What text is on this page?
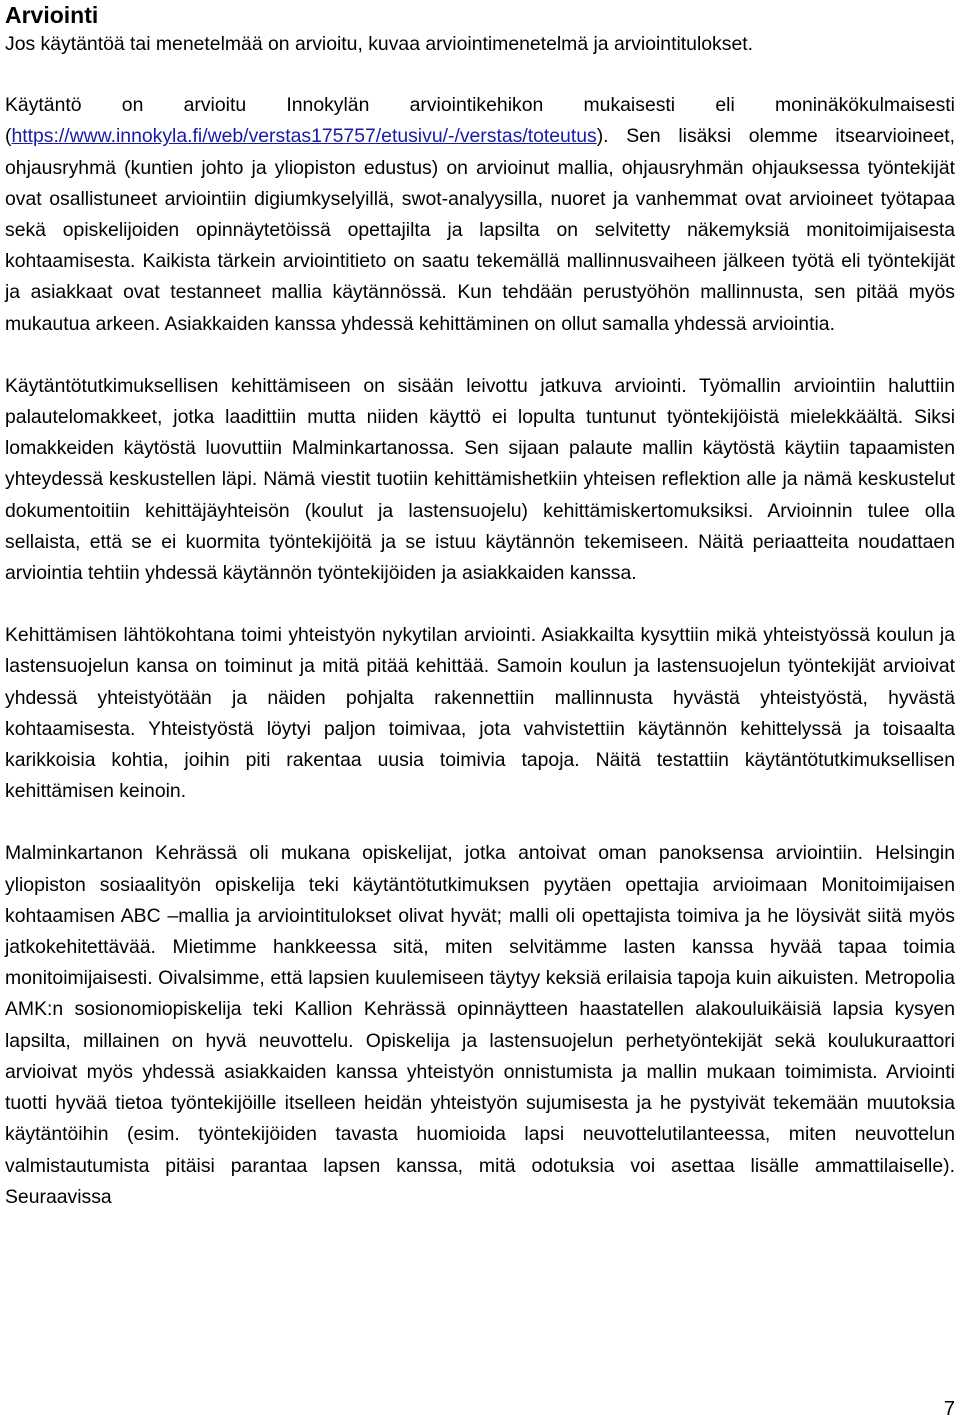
Arviointi

Jos käytäntöä tai menetelmää on arvioitu, kuvaa arviointimenetelmä ja arviointitulokset.

Käytäntö on arvioitu Innokylän arviointikehikon mukaisesti eli moninäkökulmaisesti (https://www.innokyla.fi/web/verstas175757/etusivu/-/verstas/toteutus). Sen lisäksi olemme itsearvioineet, ohjausryhmä (kuntien johto ja yliopiston edustus) on arvioinut mallia, ohjausryhmän ohjauksessa työntekijät ovat osallistuneet arviointiin digiumkyselyillä, swot-analyysilla, nuoret ja vanhemmat ovat arvioineet työtapaa sekä opiskelijoiden opinnäytetöissä opettajilta ja lapsilta on selvitetty näkemyksiä monitoimijaisesta kohtaamisesta. Kaikista tärkein arviointitieto on saatu tekemällä mallinnusvaiheen jälkeen työtä eli työntekijät ja asiakkaat ovat testanneet mallia käytännössä. Kun tehdään perustyöhön mallinnusta, sen pitää myös mukautua arkeen. Asiakkaiden kanssa yhdessä kehittäminen on ollut samalla yhdessä arviointia.

Käytäntötutkimuksellisen kehittämiseen on sisään leivottu jatkuva arviointi. Työmallin arviointiin haluttiin palautelomakkeet, jotka laadittiin mutta niiden käyttö ei lopulta tuntunut työntekijöistä mielekkäältä. Siksi lomakkeiden käytöstä luovuttiin Malminkartanossa. Sen sijaan palaute mallin käytöstä käytiin tapaamisten yhteydessä keskustellen läpi. Nämä viestit tuotiin kehittämishetkiin yhteisen reflektion alle ja nämä keskustelut dokumentoitiin kehittäjäyhteisön (koulut ja lastensuojelu) kehittämiskertomuksiksi. Arvioinnin tulee olla sellaista, että se ei kuormita työntekijöitä ja se istuu käytännön tekemiseen. Näitä periaatteita noudattaen arviointia tehtiin yhdessä käytännön työntekijöiden ja asiakkaiden kanssa.

Kehittämisen lähtökohtana toimi yhteistyön nykytilan arviointi. Asiakkailta kysyttiin mikä yhteistyössä koulun ja lastensuojelun kansa on toiminut ja mitä pitää kehittää. Samoin koulun ja lastensuojelun työntekijät arvioivat yhdessä yhteistyötään ja näiden pohjalta rakennettiin mallinnusta hyvästä yhteistyöstä, hyvästä kohtaamisesta. Yhteistyöstä löytyi paljon toimivaa, jota vahvistettiin käytännön kehittelyssä ja toisaalta karikkoisia kohtia, joihin piti rakentaa uusia toimivia tapoja. Näitä testattiin käytäntötutkimuksellisen kehittämisen keinoin.

Malminkartanon Kehrässä oli mukana opiskelijat, jotka antoivat oman panoksensa arviointiin. Helsingin yliopiston sosiaalityön opiskelija teki käytäntötutkimuksen pyytäen opettajia arvioimaan Monitoimijaisen kohtaamisen ABC –mallia ja arviointitulokset olivat hyvät; malli oli opettajista toimiva ja he löysivät siitä myös jatkokehitettävää. Mietimme hankkeessa sitä, miten selvitämme lasten kanssa hyvää tapaa toimia monitoimijaisesti. Oivalsimme, että lapsien kuulemiseen täytyy keksiä erilaisia tapoja kuin aikuisten. Metropolia AMK:n sosionomiopiskelija teki Kallion Kehrässä opinnäytteen haastatellen alakouluikäisiä lapsia kysyen lapsilta, millainen on hyvä neuvottelu. Opiskelija ja lastensuojelun perhetyöntekijät sekä koulukuraattori arvioivat myös yhdessä asiakkaiden kanssa yhteistyön onnistumista ja mallin mukaan toimimista. Arviointi tuotti hyvää tietoa työntekijöille itselleen heidän yhteistyön sujumisesta ja he pystyivät tekemään muutoksia käytäntöihin (esim. työntekijöiden tavasta huomioida lapsi neuvottelutilanteessa, miten neuvottelun valmistautumista pitäisi parantaa lapsen kanssa, mitä odotuksia voi asettaa lisälle ammattilaiselle). Seuraavissa

7
